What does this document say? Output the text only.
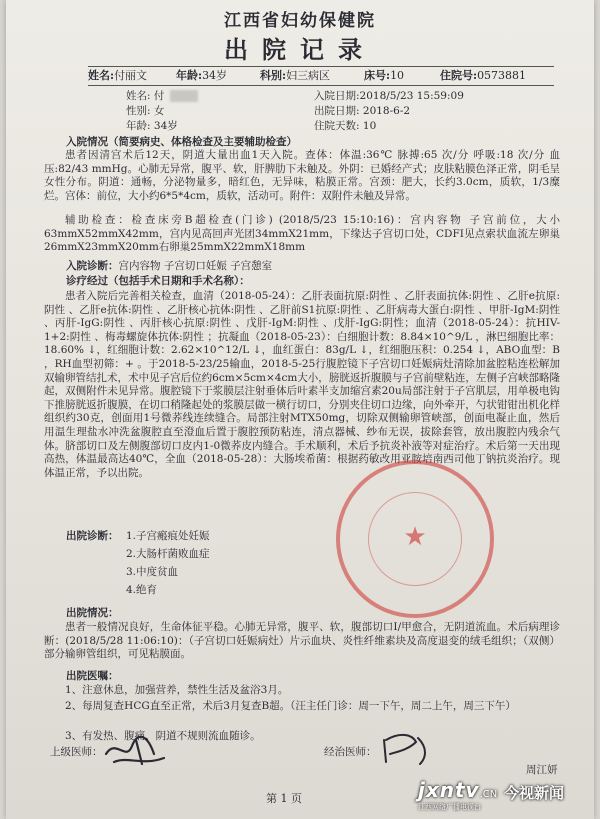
江西省妇幼保健院
出院记录
姓名:付丽文	年龄:34岁	科别:妇三病区	床号:10	住院号:0573881
姓名: 付
性别: 女
年龄: 34岁
入院日期:2018/5/23 15:59:09
出院日期: 2018-6-2
住院天数: 10
入院情况（简要病史、体格检查及主要辅助检查）
患者因清宫术后12天，阴道大量出血1天入院。查体：体温:36℃ 脉搏:65 次/分 呼吸:18 次/分 血压:82/43 mmHg。心肺无异常，腹平、软，肝脾肋下未触及。外阴：已婚经产式；皮肤粘膜色泽正常，阴毛呈女性分布。阴道：通畅，分泌物量多，暗红色，无异味，粘膜正常。宫颈：肥大，长约3.0cm，质软，1/3糜烂。宫体：前位，大小约6*5*4cm，质软，活动可。附件：双附件未触及异常。
辅助检查：检查床旁B超检查(门诊) (2018/5/23 15:10:16)：宫内容物 子宫前位，大小63mmX52mmX42mm，宫内见高回声光团34mmX21mm，下缘达子宫切口处，CDFI见点索状血流左卵巢26mmX23mmX20mm右卵巢25mmX22mmX18mm
入院诊断：宫内容物 子宫切口妊娠 子宫憩室
诊疗经过（包括手术日期和手术名称）：
患者入院后完善相关检查，血清（2018-05-24）：乙肝表面抗原:阴性 、乙肝表面抗体:阴性 、乙肝e抗原:阴性 、乙肝e抗体:阴性 、乙肝核心抗体:阴性 、乙肝前S1抗原:阴性 、乙肝病毒大蛋白:阴性 、甲肝-IgM:阴性 、丙肝-IgG:阴性 、丙肝核心抗原:阴性 、戊肝-IgM:阴性 、戊肝-IgG:阴性；血清（2018-05-24）：抗HIV-1+2:阴性 、梅毒螺旋体抗体:阴性 ；抗凝血（2018-05-23）：白细胞计数：8.84×10^9/L ，淋巴细胞比率：18.60% ↓，红细胞计数：2.62×10^12/L ↓，血红蛋白：83g/L ↓，红细胞压积：0.254 ↓，ABO血型：B ，RH血型初筛：+ 。于2018-5-23/25输血，2018-5-25行腹腔镜下子宫切口妊娠病灶清除加盆腔粘连松解加双输卵管结扎术，术中见子宫后位约6cm×5cm×4cm大小，膀胱返折腹膜与子宫前壁粘连，左侧子宫峡部略隆起，双侧附件未见异常。腹腔镜下于浆膜层注射垂体后叶素半支加缩宫素20u局部注射于子宫肌层，用单极电钩下推膀胱返折腹膜，在切口稍隆起处的浆膜层做一横行切口，分别夹住切口边缘，向外牵开，勺状钳钳出机化样组织约30克，创面用1号微荞线连续缝合。局部注射MTX50mg，切除双侧输卵管峡部，创面电凝止血，然后用温生理盐水冲洗盆腹腔直至澄血后置于腹腔预防粘连，清点器械、纱布无误，拔除套管，放出腹腔内残余气体。脐部切口及左侧腹部切口皮内1-0微荞皮内缝合。手术顺利，术后予抗炎补液等对症治疗。术后第一天出现高热，体温最高达40℃，全血（2018-05-28）：大肠埃希菌：根据药敏改用亚胺培南西司他丁钠抗炎治疗。现体温正常，予以出院。
出院诊断： 1.子宫瘢痕处妊娠
2.大肠杆菌败血症
3.中度贫血
4.绝育
出院情况：
患者一般情况良好，生命体征平稳。心肺无异常，腹平、软，腹部切口Ⅰ/甲愈合，无阴道流血。术后病理诊断：(2018/5/28 11:06:10)：（子宫切口妊娠病灶）片示血块、炎性纤维素块及高度退变的绒毛组织；（双侧）部分输卵管组织，可见粘膜面。
出院医嘱：
1、注意休息，加强营养，禁性生活及盆浴3月。
2、每周复查HCG直至正常，术后3月复查B超。（汪主任门诊：周一下午，周二上午，周三下午）
3、有发热、腹痛、阴道不规则流血随诊。
上级医师：	经治医师：
周江妍
★
第 1 页	jxntv.CN 今视新闻
江西网络广播电视台
